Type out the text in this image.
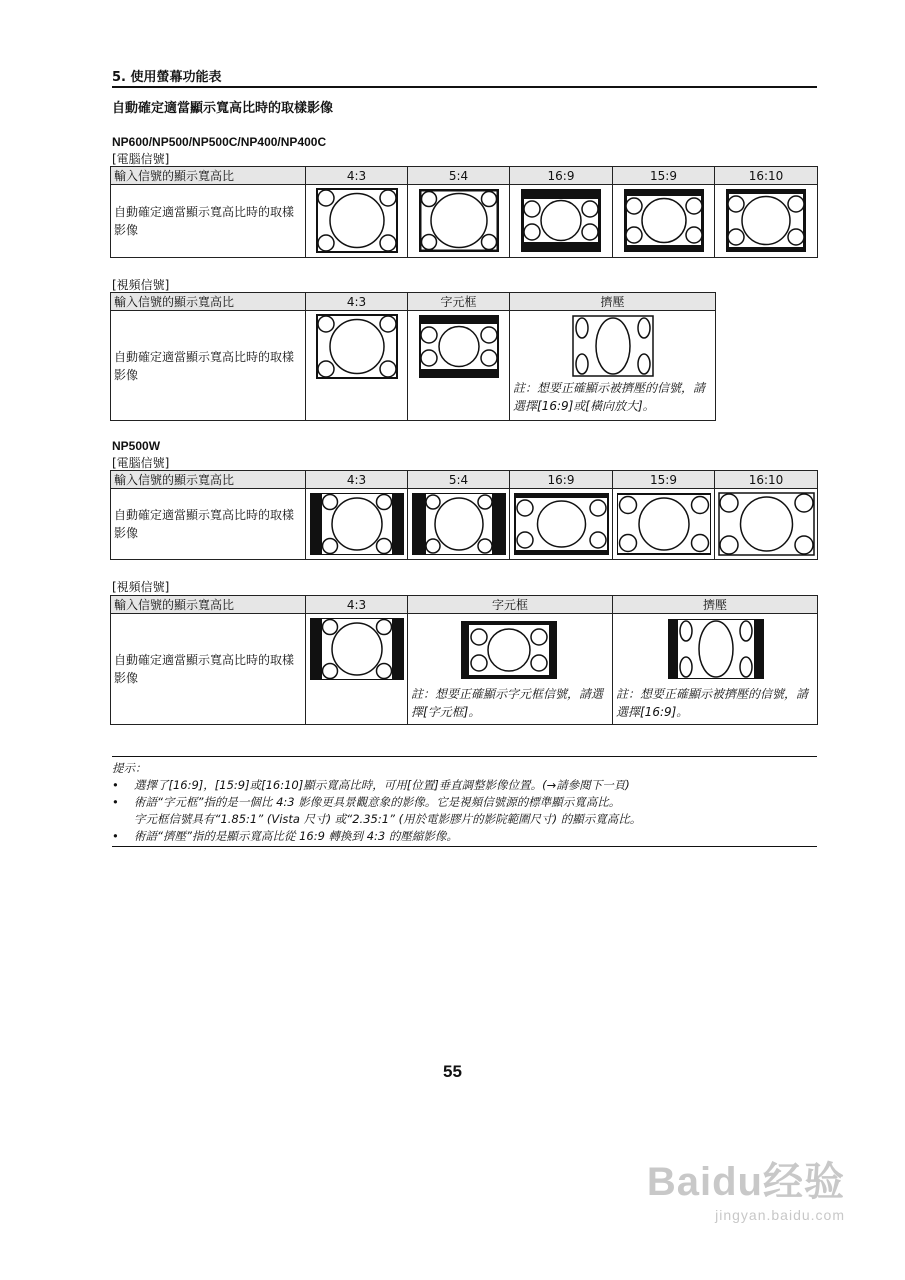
5. 使用螢幕功能表
自動確定適當顯示寬高比時的取樣影像
NP600/NP500/NP500C/NP400/NP400C
[電腦信號]
輸入信號的顯示寬高比	4:3	5:4	16:9	15:9	16:10
自動確定適當顯示寬高比時的取樣影像	

[視頻信號]
輸入信號的顯示寬高比	4:3	字元框	擠壓
自動確定適當顯示寬高比時的取樣影像			註：想要正確顯示被擠壓的信號，請選擇[16:9]或[橫向放大]。
NP500W
[電腦信號]
輸入信號的顯示寬高比	4:3	5:4	16:9	15:9	16:10
自動確定適當顯示寬高比時的取樣影像	

[視頻信號]
輸入信號的顯示寬高比	4:3	字元框	擠壓
自動確定適當顯示寬高比時的取樣影像		註：想要正確顯示字元框信號，請選擇[字元框]。	註：想要正確顯示被擠壓的信號，請選擇[16:9]。
提示：
• 選擇了[16:9]，[15:9]或[16:10]顯示寬高比時，可用[位置]垂直調整影像位置。(→請參閱下一頁)
• 術語“字元框”指的是一個比 4:3 影像更具景觀意象的影像。它是視頻信號源的標準顯示寬高比。
字元框信號具有“1.85:1” (Vista 尺寸) 或“2.35:1” (用於電影膠片的影院範圍尺寸) 的顯示寬高比。
• 術語“擠壓”指的是顯示寬高比從 16:9 轉換到 4:3 的壓縮影像。
55
Baidu经验
jingyan.baidu.com
